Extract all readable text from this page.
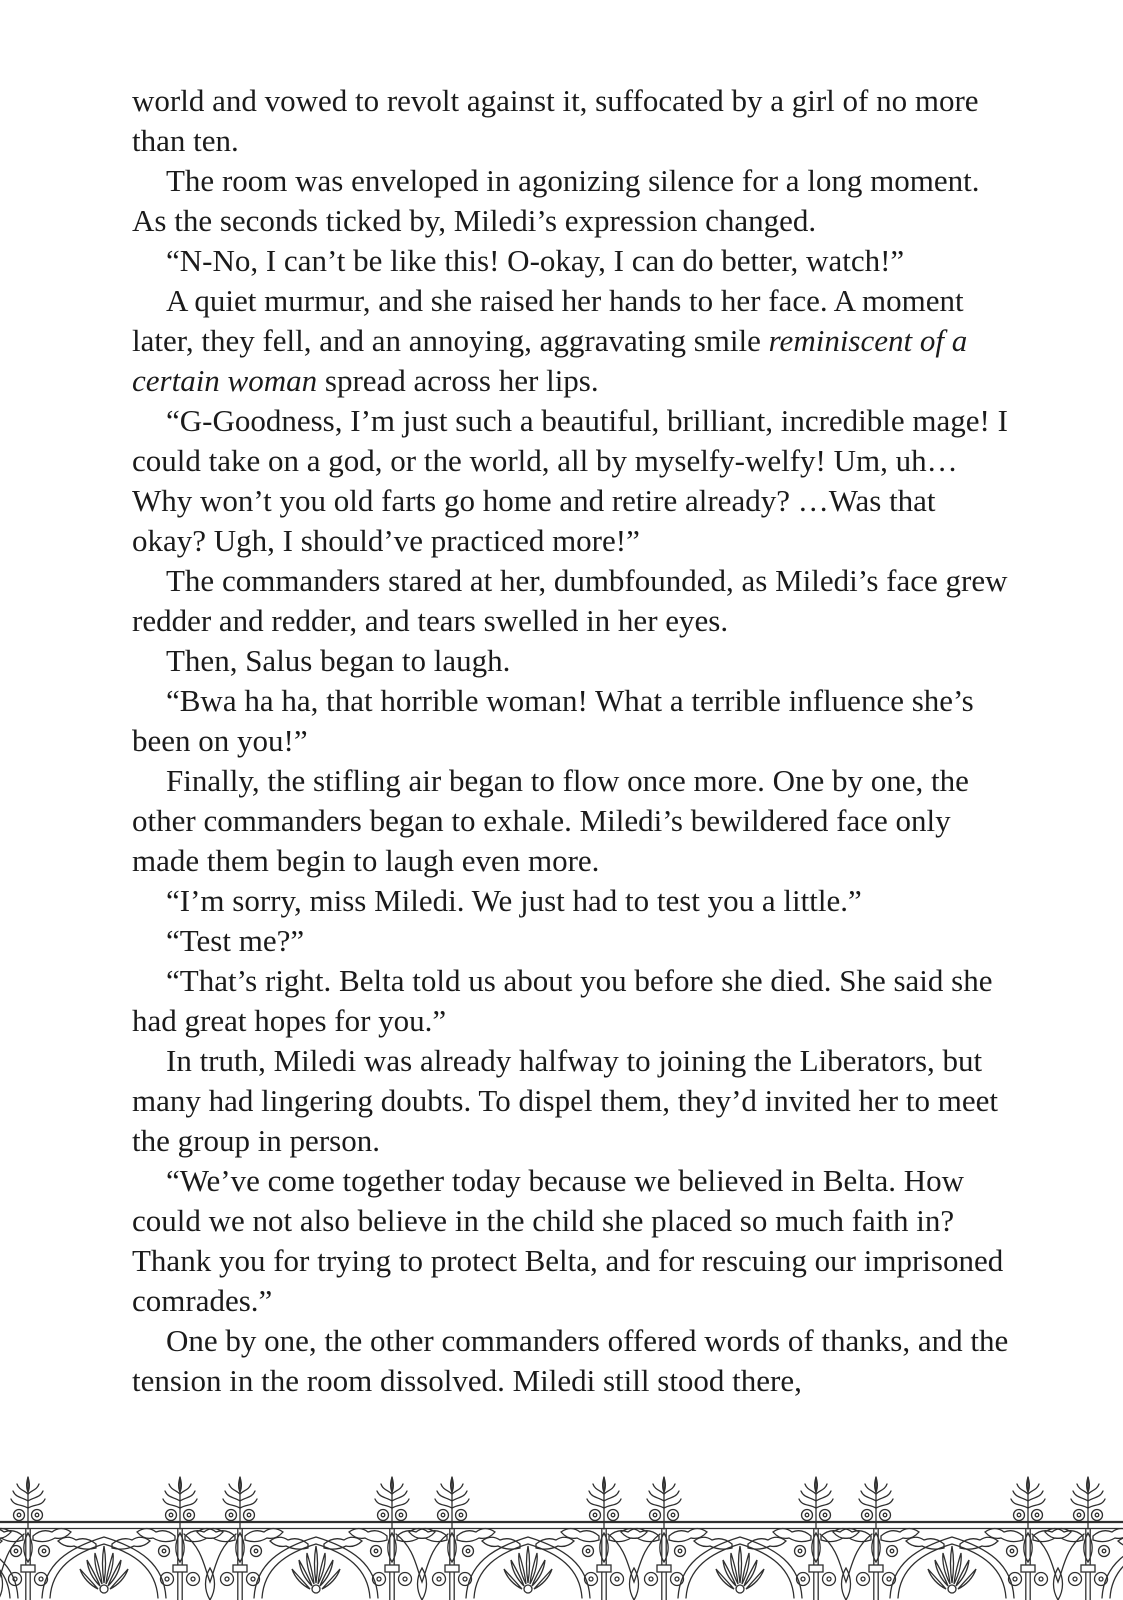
world and vowed to revolt against it, suffocated by a girl of no more than ten.

The room was enveloped in agonizing silence for a long moment. As the seconds ticked by, Miledi’s expression changed.

“N-No, I can’t be like this! O-okay, I can do better, watch!”

A quiet murmur, and she raised her hands to her face. A moment later, they fell, and an annoying, aggravating smile reminiscent of a certain woman spread across her lips.

“G-Goodness, I’m just such a beautiful, brilliant, incredible mage! I could take on a god, or the world, all by myselfy-welfy! Um, uh… Why won’t you old farts go home and retire already? …Was that okay? Ugh, I should’ve practiced more!”

The commanders stared at her, dumbfounded, as Miledi’s face grew redder and redder, and tears swelled in her eyes.

Then, Salus began to laugh.

“Bwa ha ha, that horrible woman! What a terrible influence she’s been on you!”

Finally, the stifling air began to flow once more. One by one, the other commanders began to exhale. Miledi’s bewildered face only made them begin to laugh even more.

“I’m sorry, miss Miledi. We just had to test you a little.”

“Test me?”

“That’s right. Belta told us about you before she died. She said she had great hopes for you.”

In truth, Miledi was already halfway to joining the Liberators, but many had lingering doubts. To dispel them, they’d invited her to meet the group in person.

“We’ve come together today because we believed in Belta. How could we not also believe in the child she placed so much faith in? Thank you for trying to protect Belta, and for rescuing our imprisoned comrades.”

One by one, the other commanders offered words of thanks, and the tension in the room dissolved. Miledi still stood there,
